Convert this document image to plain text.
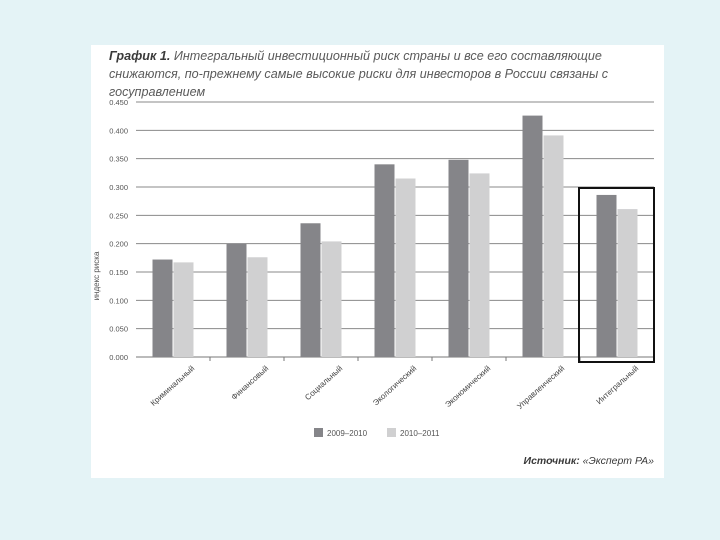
График 1. Интегральный инвестиционный риск страны и все его составляющие снижаются, по-прежнему самые высокие риски для инвесторов в России связаны с госуправлением

0.000
0.050
0.100
0.150
0.200
0.250
0.300
0.350
0.400
0.450
индекс риска
Криминальный	Финансовый	Социальный	Экологический	Экономический	Управленческий	Интегральный
2009–2010	2010–2011
Источник: «Эксперт РА»
